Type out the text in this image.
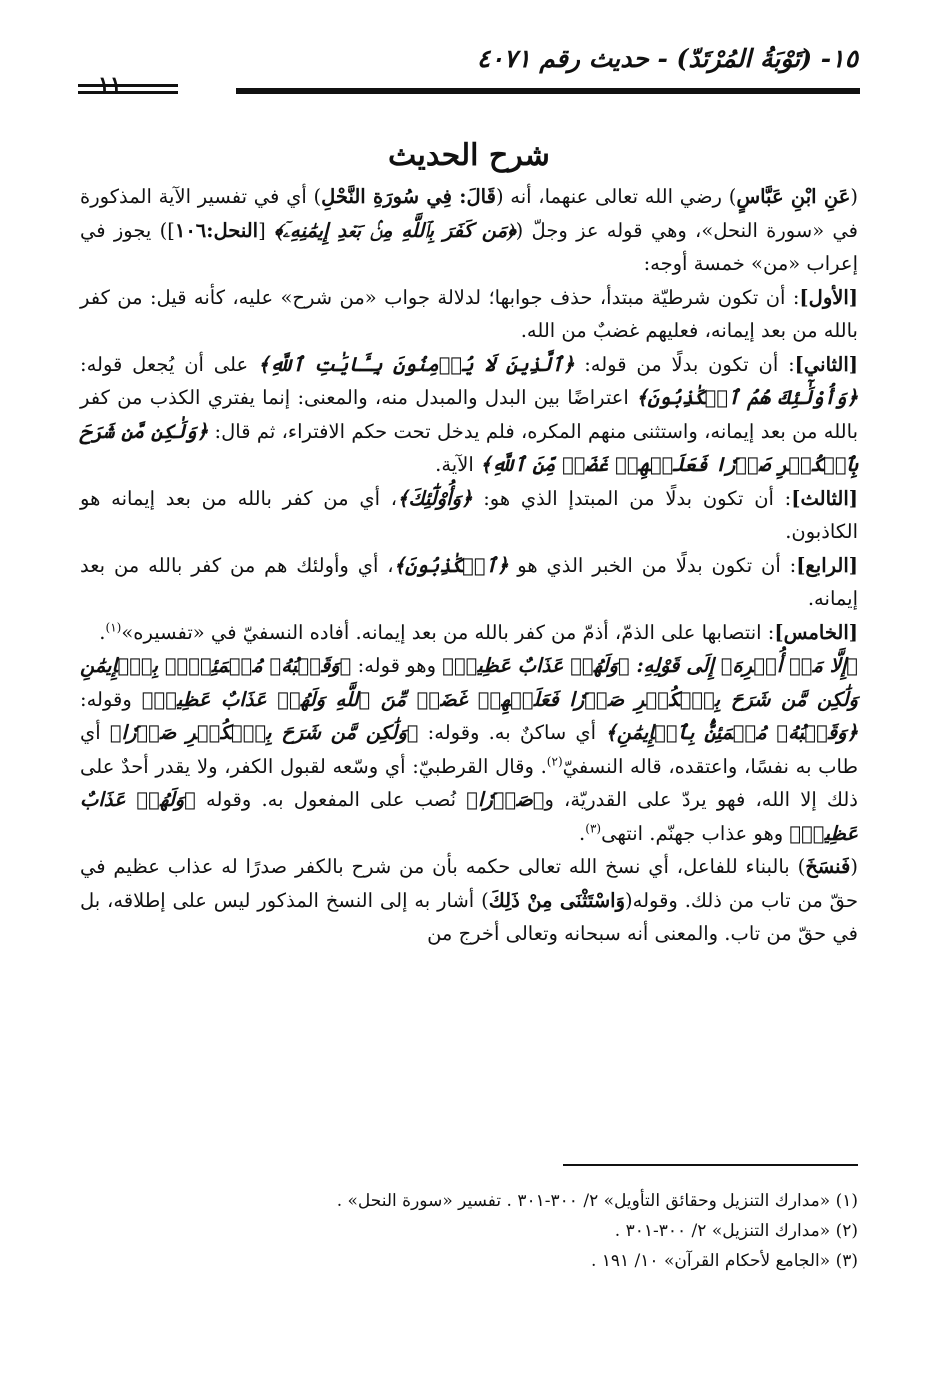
١٥- (تَوْبَةُ المُرْتَدّ) - حديث رقم ٤٠٧١
١١
شرح الحديث

(عَنِ ابْنِ عَبَّاسٍ) رضي الله تعالى عنهما، أنه (قَالَ: فِي سُورَةِ النَّحْلِ) أي في تفسير الآية المذكورة في «سورة النحل»، وهي قوله عز وجلّ (﴿مَن كَفَرَ بِٱللَّهِ مِنۢ بَعۡدِ إِيمَٰنِهِۦٓ﴾ [النحل:١٠٦]) يجوز في إعراب «من» خمسة أوجه:

[الأول]: أن تكون شرطيّة مبتدأ، حذف جوابها؛ لدلالة جواب «من شرح» عليه، كأنه قيل: من كفر بالله من بعد إيمانه، فعليهم غضبٌ من الله.

[الثاني]: أن تكون بدلًا من قوله: ﴿ٱلَّذِينَ لَا يُؤۡمِنُونَ بِـَٔايَٰتِ ٱللَّهِ﴾ على أن يُجعل قوله: ﴿وَأُوْلَٰٓئِكَ هُمُ ٱلۡكَٰذِبُونَ﴾ اعتراضًا بين البدل والمبدل منه، والمعنى: إنما يفتري الكذب من كفر بالله من بعد إيمانه، واستثنى منهم المكره، فلم يدخل تحت حكم الافتراء، ثم قال: ﴿وَلَٰكِن مَّن شَرَحَ بِٱلۡكُفۡرِ صَدۡرٗا فَعَلَيۡهِمۡ غَضَبٞ مِّنَ ٱللَّهِ﴾ الآية.

[الثالث]: أن تكون بدلًا من المبتدإ الذي هو: ﴿وَأُوْلَٰٓئِكَ﴾، أي من كفر بالله من بعد إيمانه هو الكاذبون.

[الرابع]: أن تكون بدلًا من الخبر الذي هو ﴿ٱلۡكَٰذِبُونَ﴾، أي وأولئك هم من كفر بالله من بعد إيمانه.

[الخامس]: انتصابها على الذمّ، أذمّ من كفر بالله من بعد إيمانه. أفاده النسفيّ في «تفسيره»$^{(١)}$.

﴿إِلَّا مَنۡ أُكۡرِهَ﴾ إِلَى قَوْلِهِ: ﴿وَلَهُمۡ عَذَابٌ عَظِيمٞ﴾ وهو قوله: ﴿وَقَلۡبُهُۥ مُطۡمَئِنُّۢ بِٱلۡإِيمَٰنِ وَلَٰكِن مَّن شَرَحَ بِٱلۡكُفۡرِ صَدۡرٗا فَعَلَيۡهِمۡ غَضَبٞ مِّنَ ٱللَّهِ وَلَهُمۡ عَذَابٌ عَظِيمٞ﴾ وقوله: ﴿وَقَلۡبُهُۥ مُطۡمَئِنُّۢ بِٱلۡإِيمَٰنِ﴾ أي ساكنٌ به. وقوله: ﴿وَلَٰكِن مَّن شَرَحَ بِٱلۡكُفۡرِ صَدۡرٗا﴾ أي طاب به نفسًا، واعتقده، قاله النسفيّ$^{(٢)}$. وقال القرطبيّ: أي وسّعه لقبول الكفر، ولا يقدر أحدٌ على ذلك إلا الله، فهو يردّ على القدريّة، و﴿صَدۡرٗا﴾ نُصب على المفعول به. وقوله ﴿وَلَهُمۡ عَذَابٌ عَظِيمٞ﴾ وهو عذاب جهنّم. انتهى$^{(٣)}$.

(فَنسَخَ) بالبناء للفاعل، أي نسخ الله تعالى حكمه بأن من شرح بالكفر صدرًا له عذاب عظيم في حقّ من تاب من ذلك. وقوله(وَاسْتَثْنَى مِنْ ذَلِكَ) أشار به إلى النسخ المذكور ليس على إطلاقه، بل في حقّ من تاب. والمعنى أنه سبحانه وتعالى أخرج من

(١) «مدارك التنزيل وحقائق التأويل» ٢/ ٣٠٠-٣٠١ . تفسير «سورة النحل» .
(٢) «مدارك التنزيل» ٢/ ٣٠٠-٣٠١ .
(٣) «الجامع لأحكام القرآن» ١٠/ ١٩١ .
